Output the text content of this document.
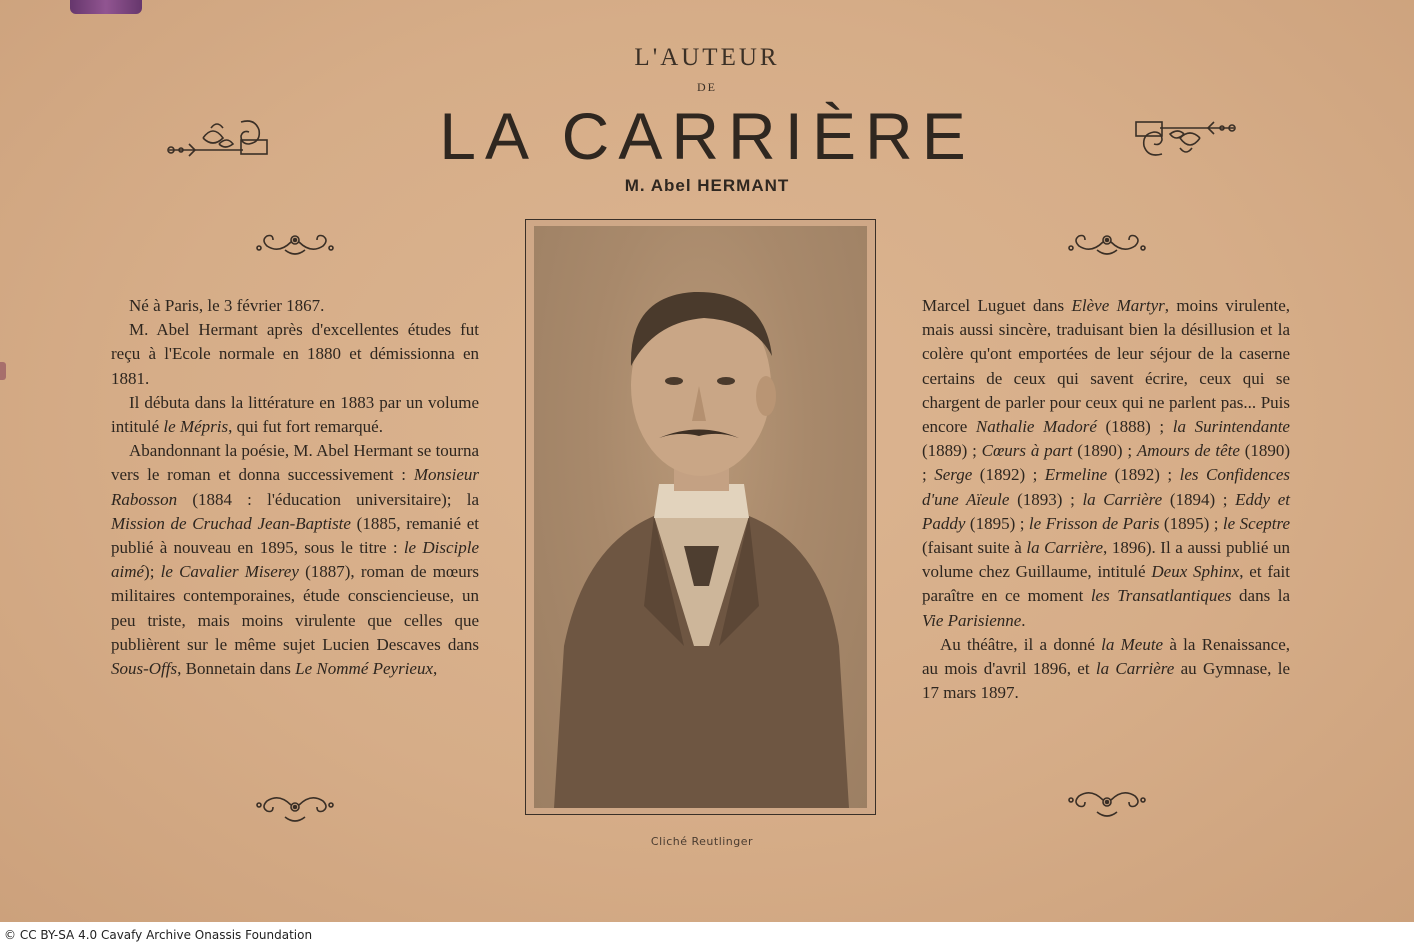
L'AUTEUR
DE
LA CARRIÈRE
M. Abel HERMANT

Né à Paris, le 3 février 1867.

M. Abel Hermant après d'excellentes études fut reçu à l'Ecole normale en 1880 et démissionna en 1881.

Il débuta dans la littérature en 1883 par un volume intitulé le Mépris, qui fut fort remarqué.

Abandonnant la poésie, M. Abel Hermant se tourna vers le roman et donna successivement : Monsieur Rabosson (1884 : l'éducation universitaire); la Mission de Cruchad Jean-Baptiste (1885, remanié et publié à nouveau en 1895, sous le titre : le Disciple aimé); le Cavalier Miserey (1887), roman de mœurs militaires contemporaines, étude consciencieuse, un peu triste, mais moins virulente que celles que publièrent sur le même sujet Lucien Descaves dans Sous-Offs, Bonnetain dans Le Nommé Peyrieux,

Cliché Reutlinger

Marcel Luguet dans Elève Martyr, moins virulente, mais aussi sincère, traduisant bien la désillusion et la colère qu'ont emportées de leur séjour de la caserne certains de ceux qui savent écrire, ceux qui se chargent de parler pour ceux qui ne parlent pas... Puis encore Nathalie Madoré (1888) ; la Surintendante (1889) ; Cœurs à part (1890) ; Amours de tête (1890) ; Serge (1892) ; Ermeline (1892) ; les Confidences d'une Aïeule (1893) ; la Carrière (1894) ; Eddy et Paddy (1895) ; le Frisson de Paris (1895) ; le Sceptre (faisant suite à la Carrière, 1896). Il a aussi publié un volume chez Guillaume, intitulé Deux Sphinx, et fait paraître en ce moment les Transatlantiques dans la Vie Parisienne.

Au théâtre, il a donné la Meute à la Renaissance, au mois d'avril 1896, et la Carrière au Gymnase, le 17 mars 1897.

© CC BY-SA 4.0 Cavafy Archive Onassis Foundation
